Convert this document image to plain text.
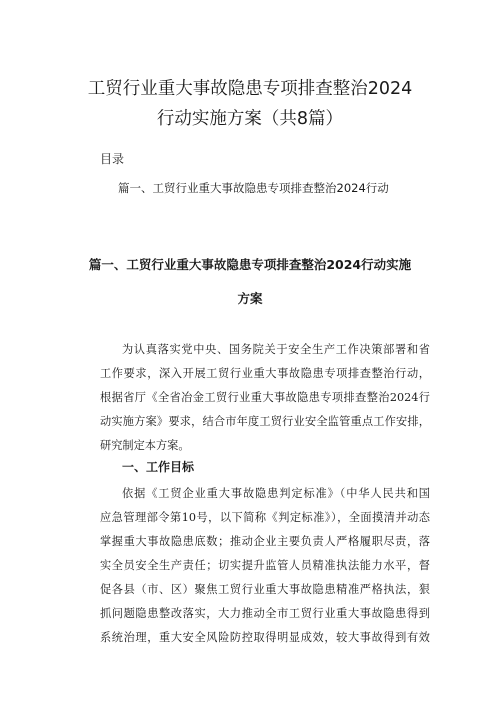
工贸行业重大事故隐患专项排查整治2024
行动实施方案（共8篇）

目录

篇一、工贸行业重大事故隐患专项排查整治2024行动

篇一、工贸行业重大事故隐患专项排查整治2024行动实施
方案
为认真落实党中央、国务院关于安全生产工作决策部署和省
工作要求，深入开展工贸行业重大事故隐患专项排查整治行动，
根据省厅《全省冶金工贸行业重大事故隐患专项排查整治2024行
动实施方案》要求，结合市年度工贸行业安全监管重点工作安排，
研究制定本方案。
一、工作目标
依据《工贸企业重大事故隐患判定标准》（中华人民共和国
应急管理部令第10号，以下简称《判定标准》），全面摸清并动态
掌握重大事故隐患底数；推动企业主要负责人严格履职尽责，落
实全员安全生产责任；切实提升监管人员精准执法能力水平，督
促各县（市、区）聚焦工贸行业重大事故隐患精准严格执法，狠
抓问题隐患整改落实，大力推动全市工贸行业重大事故隐患得到
系统治理，重大安全风险防控取得明显成效，较大事故得到有效
